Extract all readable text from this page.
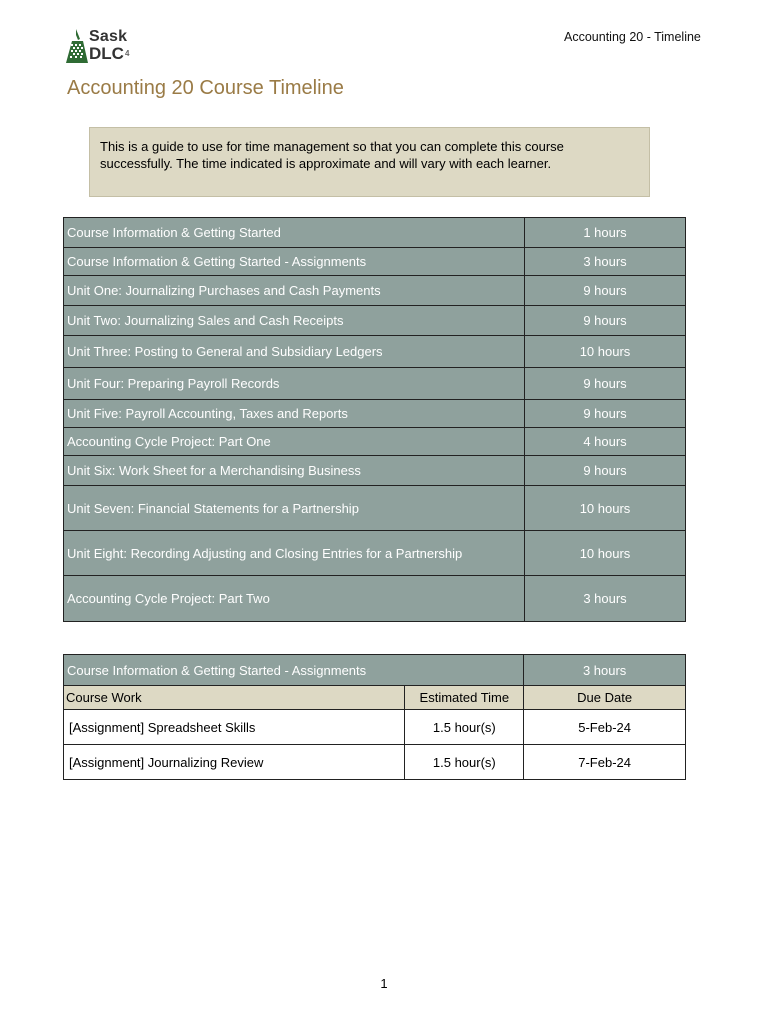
Sask
DLC$^4$
Accounting 20 - Timeline
Accounting 20 Course Timeline
This is a guide to use for time management so that you can complete this course successfully. The time indicated is approximate and will vary with each learner.
Course Information & Getting Started	1 hours
Course Information & Getting Started - Assignments	3 hours
Unit One: Journalizing Purchases and Cash Payments	9 hours
Unit Two: Journalizing Sales and Cash Receipts	9 hours
Unit Three: Posting to General and Subsidiary Ledgers	10 hours
Unit Four: Preparing Payroll Records	9 hours
Unit Five: Payroll Accounting, Taxes and Reports	9 hours
Accounting Cycle Project: Part One	4 hours
Unit Six: Work Sheet for a Merchandising Business	9 hours
Unit Seven: Financial Statements for a Partnership	10 hours
Unit Eight: Recording Adjusting and Closing Entries for a Partnership	10 hours
Accounting Cycle Project: Part Two	3 hours
Course Information & Getting Started - Assignments		3 hours
Course Work	Estimated Time	Due Date
[Assignment] Spreadsheet Skills	1.5 hour(s)	5-Feb-24
[Assignment] Journalizing Review	1.5 hour(s)	7-Feb-24
1
